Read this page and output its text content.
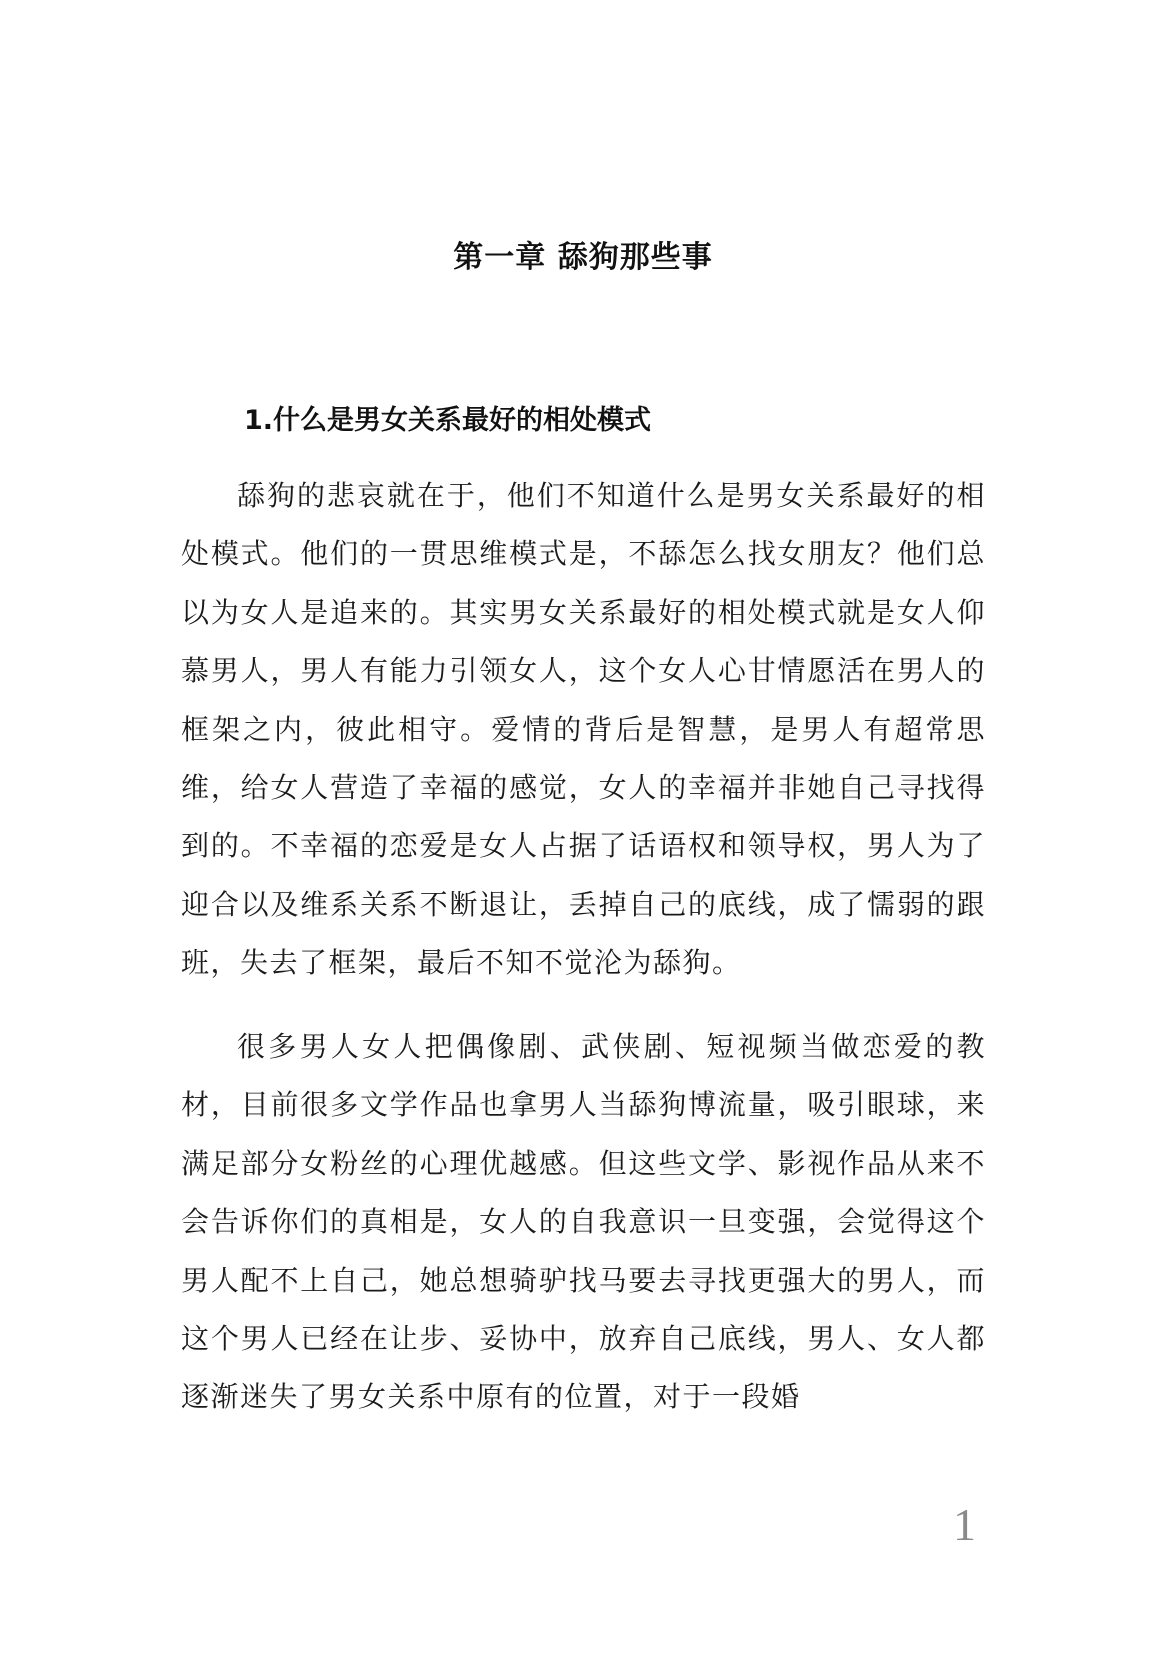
第一章 舔狗那些事
1.什么是男女关系最好的相处模式

舔狗的悲哀就在于，他们不知道什么是男女关系最好的相处模式。他们的一贯思维模式是，不舔怎么找女朋友？他们总以为女人是追来的。其实男女关系最好的相处模式就是女人仰慕男人，男人有能力引领女人，这个女人心甘情愿活在男人的框架之内，彼此相守。爱情的背后是智慧，是男人有超常思维，给女人营造了幸福的感觉，女人的幸福并非她自己寻找得到的。不幸福的恋爱是女人占据了话语权和领导权，男人为了迎合以及维系关系不断退让，丢掉自己的底线，成了懦弱的跟班，失去了框架，最后不知不觉沦为舔狗。

很多男人女人把偶像剧、武侠剧、短视频当做恋爱的教材，目前很多文学作品也拿男人当舔狗博流量，吸引眼球，来满足部分女粉丝的心理优越感。但这些文学、影视作品从来不会告诉你们的真相是，女人的自我意识一旦变强，会觉得这个男人配不上自己，她总想骑驴找马要去寻找更强大的男人，而这个男人已经在让步、妥协中，放弃自己底线，男人、女人都逐渐迷失了男女关系中原有的位置，对于一段婚

1
